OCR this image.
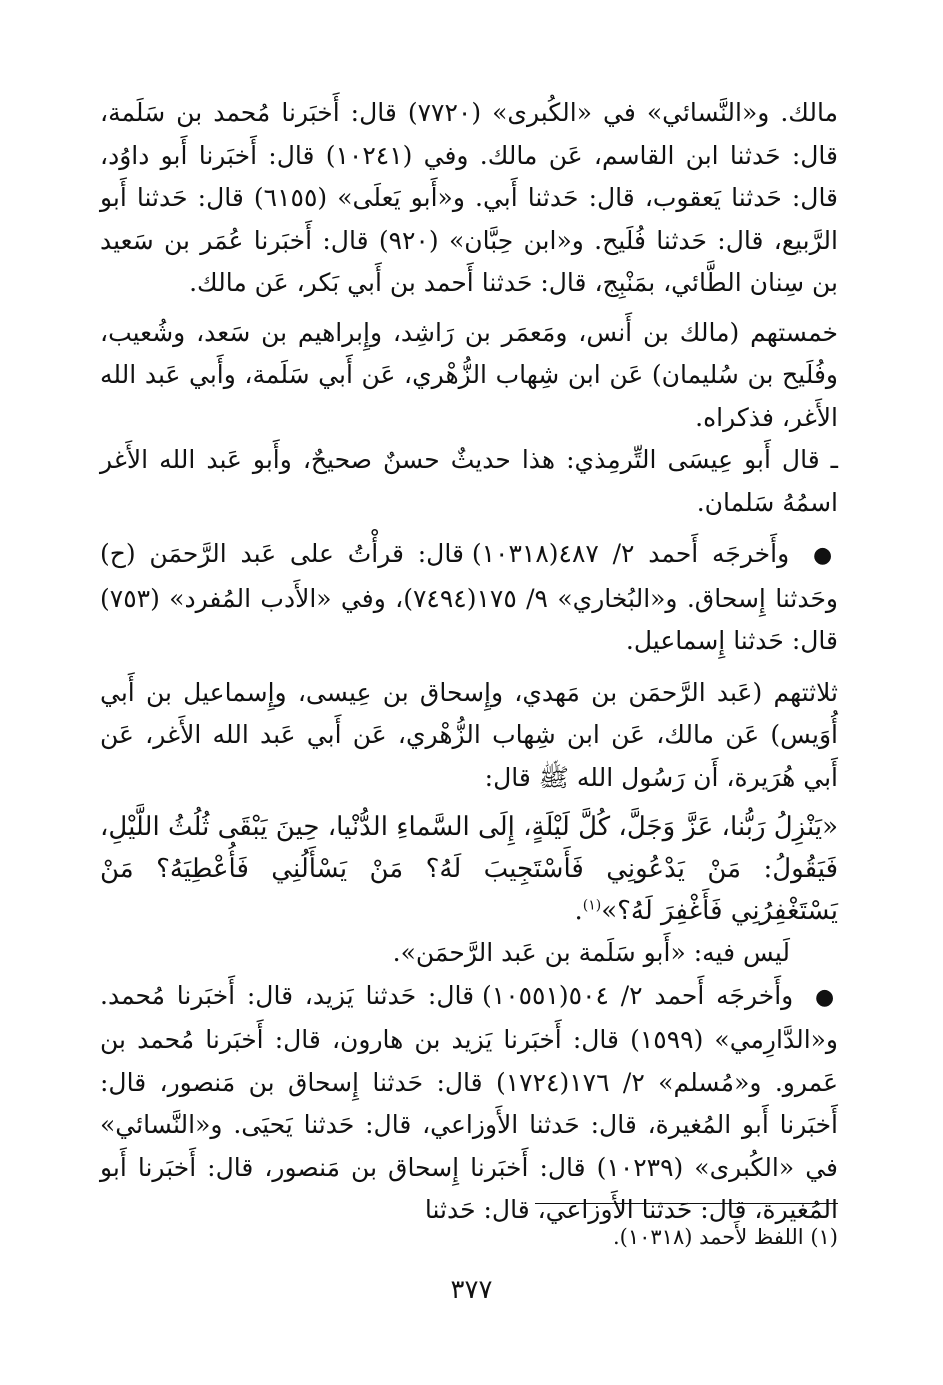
مالك. و«النَّسائي» في «الكُبرى» (٧٧٢٠) قال: أَخبَرنا مُحمد بن سَلَمة، قال: حَدثنا ابن القاسم، عَن مالك. وفي (١٠٢٤١) قال: أَخبَرنا أَبو داوُد، قال: حَدثنا يَعقوب، قال: حَدثنا أَبي. و«أَبو يَعلَى» (٦١٥٥) قال: حَدثنا أَبو الرَّبيع، قال: حَدثنا فُلَيح. و«ابن حِبَّان» (٩٢٠) قال: أَخبَرنا عُمَر بن سَعيد بن سِنان الطَّائي، بمَنْبِج، قال: حَدثنا أَحمد بن أَبي بَكر، عَن مالك.

خمستهم (مالك بن أَنس، ومَعمَر بن رَاشِد، وإِبراهيم بن سَعد، وشُعيب، وفُلَيح بن سُليمان) عَن ابن شِهاب الزُّهْري، عَن أَبي سَلَمة، وأَبي عَبد الله الأَغر، فذكراه.

ـ قال أَبو عِيسَى التِّرمِذي: هذا حديثٌ حسنٌ صحيحٌ، وأَبو عَبد الله الأَغر اسمُهُ سَلمان.

● وأَخرجَه أَحمد ٢/ ٤٨٧(١٠٣١٨) قال: قرأْتُ على عَبد الرَّحمَن (ح) وحَدثنا إِسحاق. و«البُخاري» ٩/ ١٧٥(٧٤٩٤)، وفي «الأَدب المُفرد» (٧٥٣) قال: حَدثنا إِسماعيل.

ثلاثتهم (عَبد الرَّحمَن بن مَهدي، وإِسحاق بن عِيسى، وإِسماعيل بن أَبي أُوَيس) عَن مالك، عَن ابن شِهاب الزُّهْري، عَن أَبي عَبد الله الأَغر، عَن أَبي هُرَيرة، أَن رَسُول الله ﷺ قال:

«يَنْزِلُ رَبُّنا، عَزَّ وَجَلَّ، كُلَّ لَيْلَةٍ، إِلَى السَّماءِ الدُّنْيا، حِينَ يَبْقَى ثُلُثُ اللَّيْلِ، فَيَقُولُ: مَنْ يَدْعُونِي فَأَسْتَجِيبَ لَهُ؟ مَنْ يَسْأَلُنِي فَأُعْطِيَهُ؟ مَنْ يَسْتَغْفِرُنِي فَأَغْفِرَ لَهُ؟»$^{(١)}$.

لَيس فيه: «أَبو سَلَمة بن عَبد الرَّحمَن».

● وأَخرجَه أَحمد ٢/ ٥٠٤(١٠٥٥١) قال: حَدثنا يَزيد، قال: أَخبَرنا مُحمد. و«الدَّارِمي» (١٥٩٩) قال: أَخبَرنا يَزيد بن هارون، قال: أَخبَرنا مُحمد بن عَمرو. و«مُسلم» ٢/ ١٧٦(١٧٢٤) قال: حَدثنا إِسحاق بن مَنصور، قال: أَخبَرنا أَبو المُغيرة، قال: حَدثنا الأَوزاعي، قال: حَدثنا يَحيَى. و«النَّسائي» في «الكُبرى» (١٠٢٣٩) قال: أَخبَرنا إِسحاق بن مَنصور، قال: أَخبَرنا أَبو المُغيرة، قال: حَدثنا الأَوزاعي، قال: حَدثنا

(١) اللفظ لأَحمد (١٠٣١٨).
٣٧٧
